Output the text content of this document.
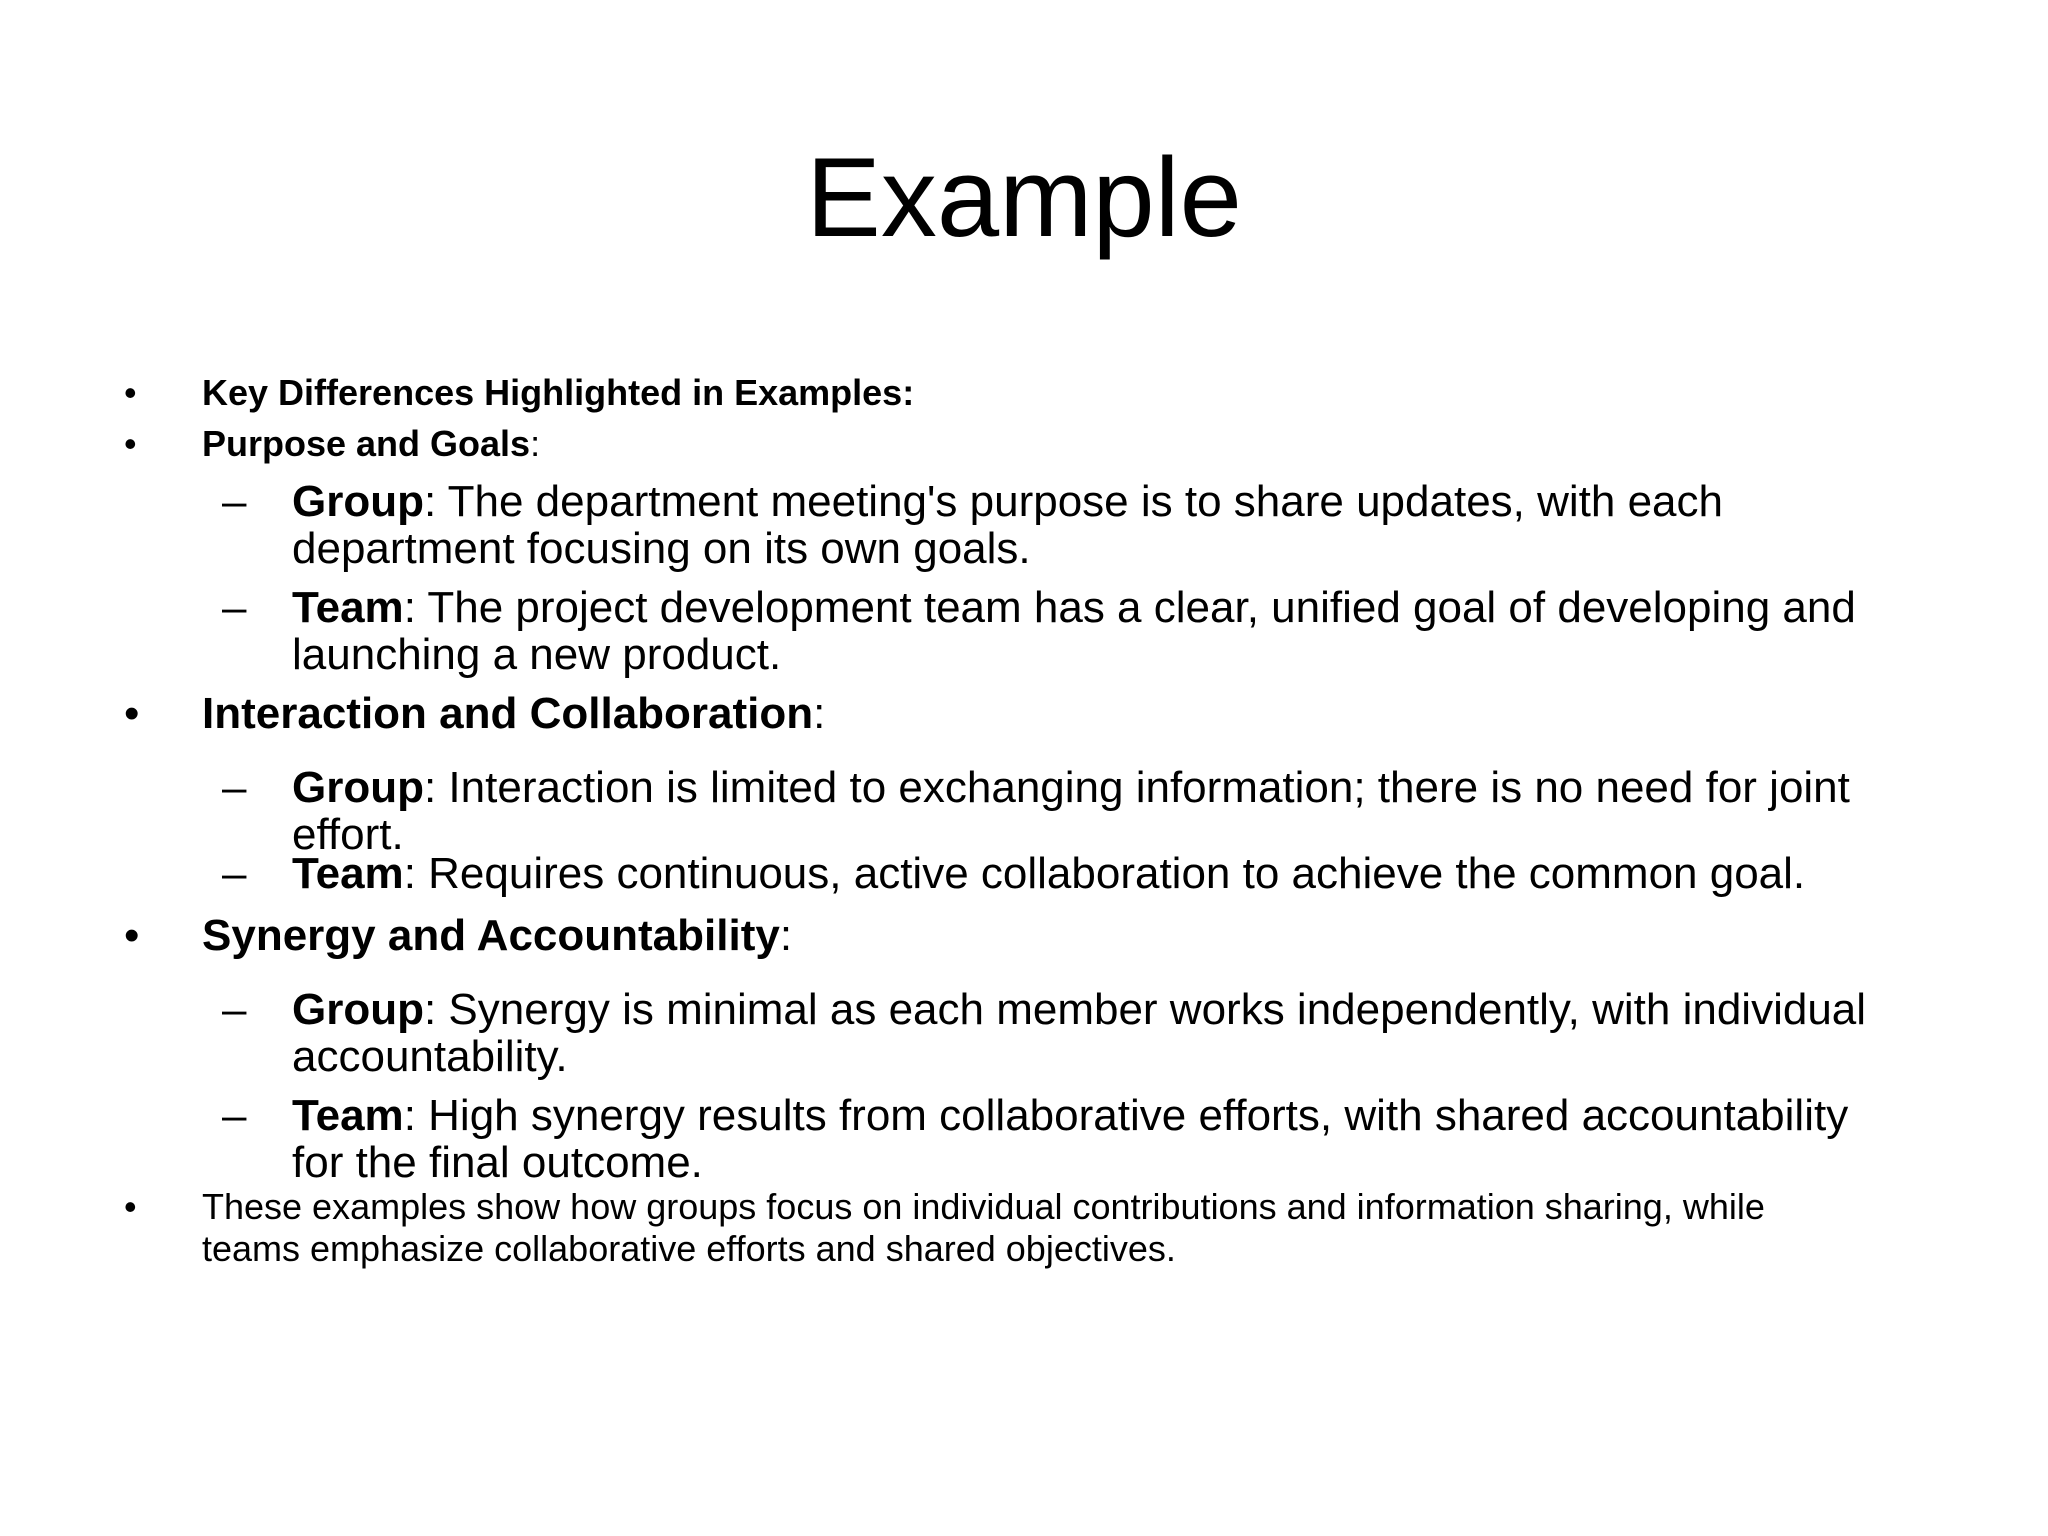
Example
• Key Differences Highlighted in Examples:
• Purpose and Goals:
– Group: The department meeting's purpose is to share updates, with each
department focusing on its own goals.
– Team: The project development team has a clear, unified goal of developing and
launching a new product.
• Interaction and Collaboration:
– Group: Interaction is limited to exchanging information; there is no need for joint
effort.
– Team: Requires continuous, active collaboration to achieve the common goal.
• Synergy and Accountability:
– Group: Synergy is minimal as each member works independently, with individual
accountability.
– Team: High synergy results from collaborative efforts, with shared accountability
for the final outcome.
• These examples show how groups focus on individual contributions and information sharing, while
teams emphasize collaborative efforts and shared objectives.
